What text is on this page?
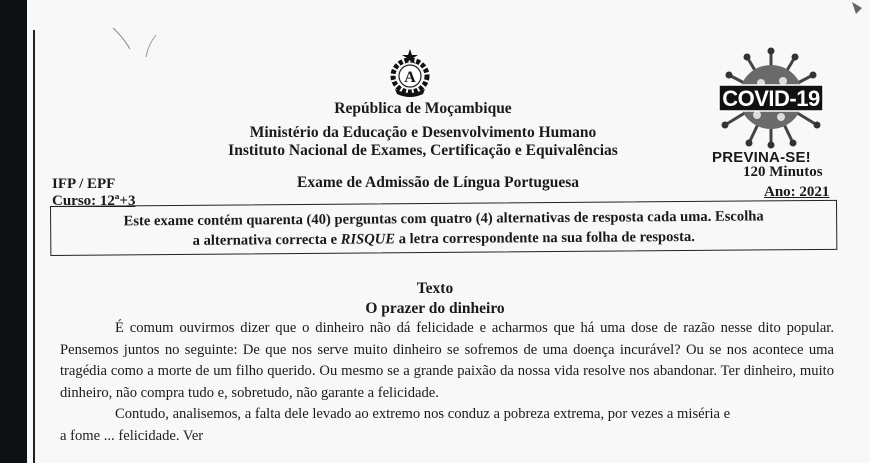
A
COVID-19
República de Moçambique
Ministério da Educação e Desenvolvimento Humano
Instituto Nacional de Exames, Certificação e Equivalências	PREVINA-SE!
120 Minutos
Ano: 2021
IFP / EPF
Curso: 12ª+3
Exame de Admissão de Língua Portuguesa
Este exame contém quarenta (40) perguntas com quatro (4) alternativas de resposta cada uma. Escolha
a alternativa correcta e RISQUE a letra correspondente na sua folha de resposta.
Texto
O prazer do dinheiro

É comum ouvirmos dizer que o dinheiro não dá felicidade e acharmos que há uma dose de razão nesse dito popular. Pensemos juntos no seguinte: De que nos serve muito dinheiro se sofremos de uma doença incurável? Ou se nos acontece uma tragédia como a morte de um filho querido. Ou mesmo se a grande paixão da nossa vida resolve nos abandonar. Ter dinheiro, muito dinheiro, não compra tudo e, sobretudo, não garante a felicidade.

Contudo, analisemos, a falta dele levado ao extremo nos conduz a pobreza extrema, por vezes a miséria e

a fome ... felicidade. Ver
